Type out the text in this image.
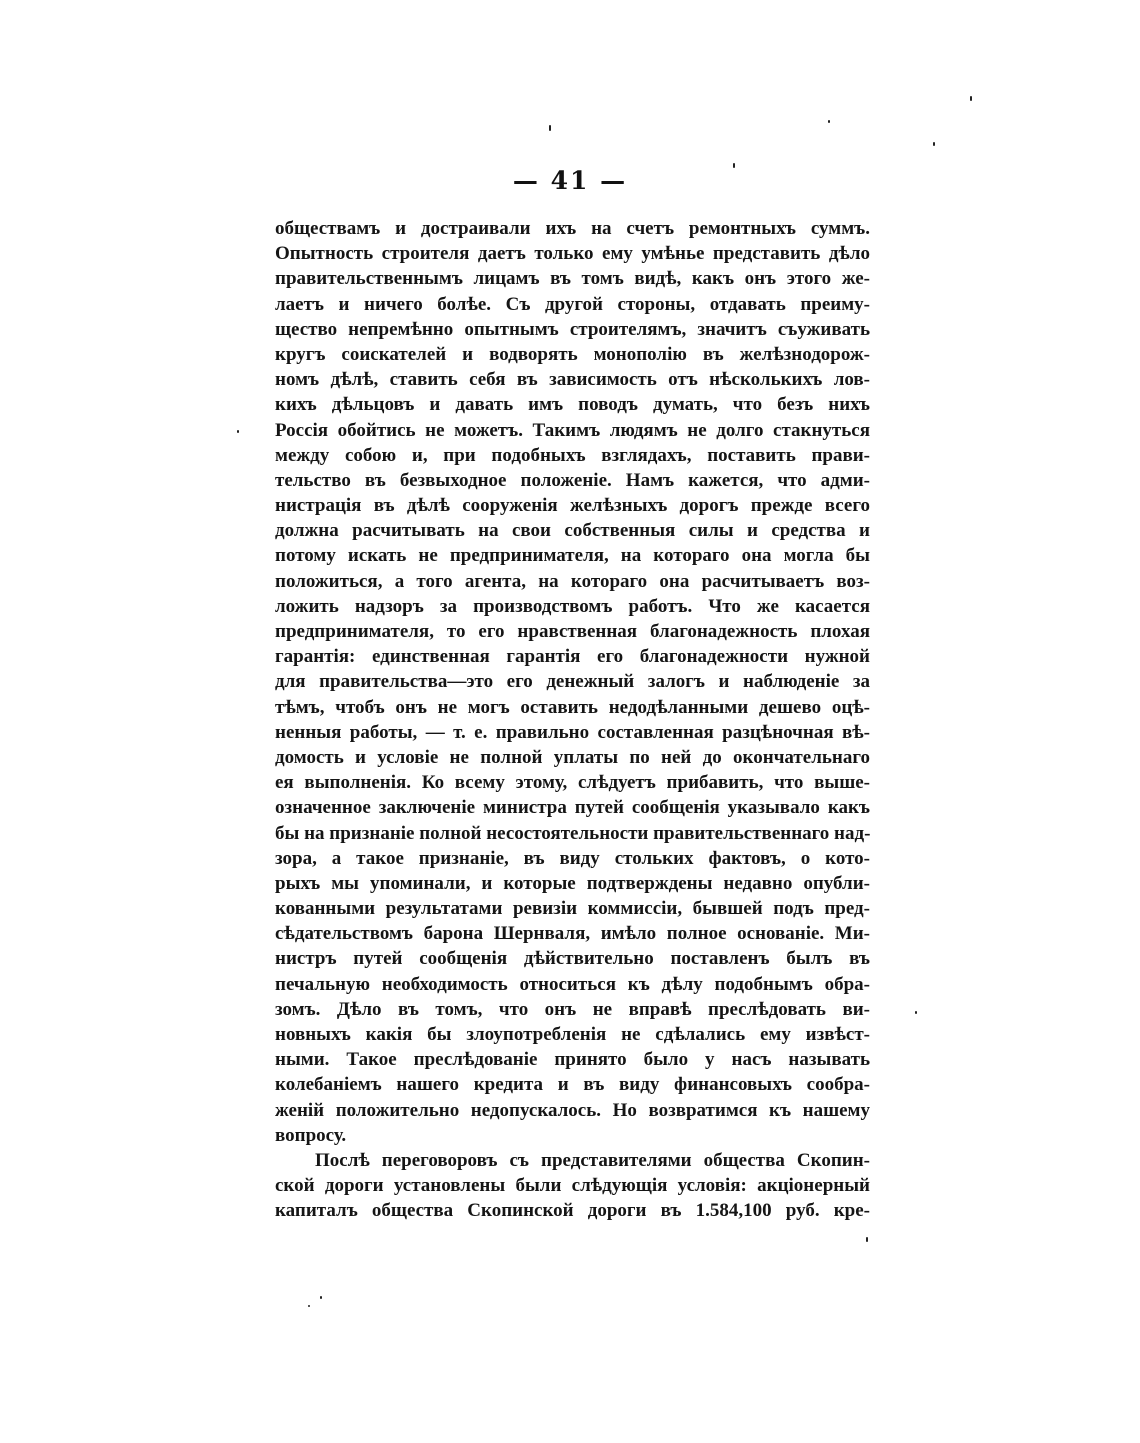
— 41 —
обществамъ и достраивали ихъ на счетъ ремонтныхъ суммъ.
Опытность строителя даетъ только ему умѣнье представить дѣло
правительственнымъ лицамъ въ томъ видѣ, какъ онъ этого же-
лаетъ и ничего болѣе. Съ другой стороны, отдавать преиму-
щество непремѣнно опытнымъ строителямъ, значитъ съуживать
кругъ соискателей и водворять монополію въ желѣзнодорож-
номъ дѣлѣ, ставить себя въ зависимость отъ нѣсколькихъ лов-
кихъ дѣльцовъ и давать имъ поводъ думать, что безъ нихъ
Россія обойтись не можетъ. Такимъ людямъ не долго стакнуться
между собою и, при подобныхъ взглядахъ, поставить прави-
тельство въ безвыходное положеніе. Намъ кажется, что адми-
нистрація въ дѣлѣ сооруженія желѣзныхъ дорогъ прежде всего
должна расчитывать на свои собственныя силы и средства и
потому искать не предпринимателя, на котораго она могла бы
положиться, а того агента, на котораго она расчитываетъ воз-
ложить надзоръ за производствомъ работъ. Что же касается
предпринимателя, то его нравственная благонадежность плохая
гарантія: единственная гарантія его благонадежности нужной
для правительства—это его денежный залогъ и наблюденіе за
тѣмъ, чтобъ онъ не могъ оставить недодѣланными дешево оцѣ-
ненныя работы, — т. е. правильно составленная разцѣночная вѣ-
домость и условіе не полной уплаты по ней до окончательнаго
ея выполненія. Ко всему этому, слѣдуетъ прибавить, что выше-
означенное заключеніе министра путей сообщенія указывало какъ
бы на признаніе полной несостоятельности правительственнаго над-
зора, а такое признаніе, въ виду стольких фактовъ, о кото-
рыхъ мы упоминали, и которые подтверждены недавно опубли-
кованными результатами ревизіи коммиссіи, бывшей подъ пред-
сѣдательствомъ барона Шернваля, имѣло полное основаніе. Ми-
нистръ путей сообщенія дѣйствительно поставленъ былъ въ
печальную необходимость относиться къ дѣлу подобнымъ обра-
зомъ. Дѣло въ томъ, что онъ не вправѣ преслѣдовать ви-
новныхъ какія бы злоупотребленія не сдѣлались ему извѣст-
ными. Такое преслѣдованіе принято было у насъ называть
колебаніемъ нашего кредита и въ виду финансовыхъ сообра-
женій положительно недопускалось. Но возвратимся къ нашему
вопросу.
Послѣ переговоровъ съ представителями общества Скопин-
ской дороги установлены были слѣдующія условія: акціонерный
капиталъ общества Скопинской дороги въ 1.584,100 руб. кре-
